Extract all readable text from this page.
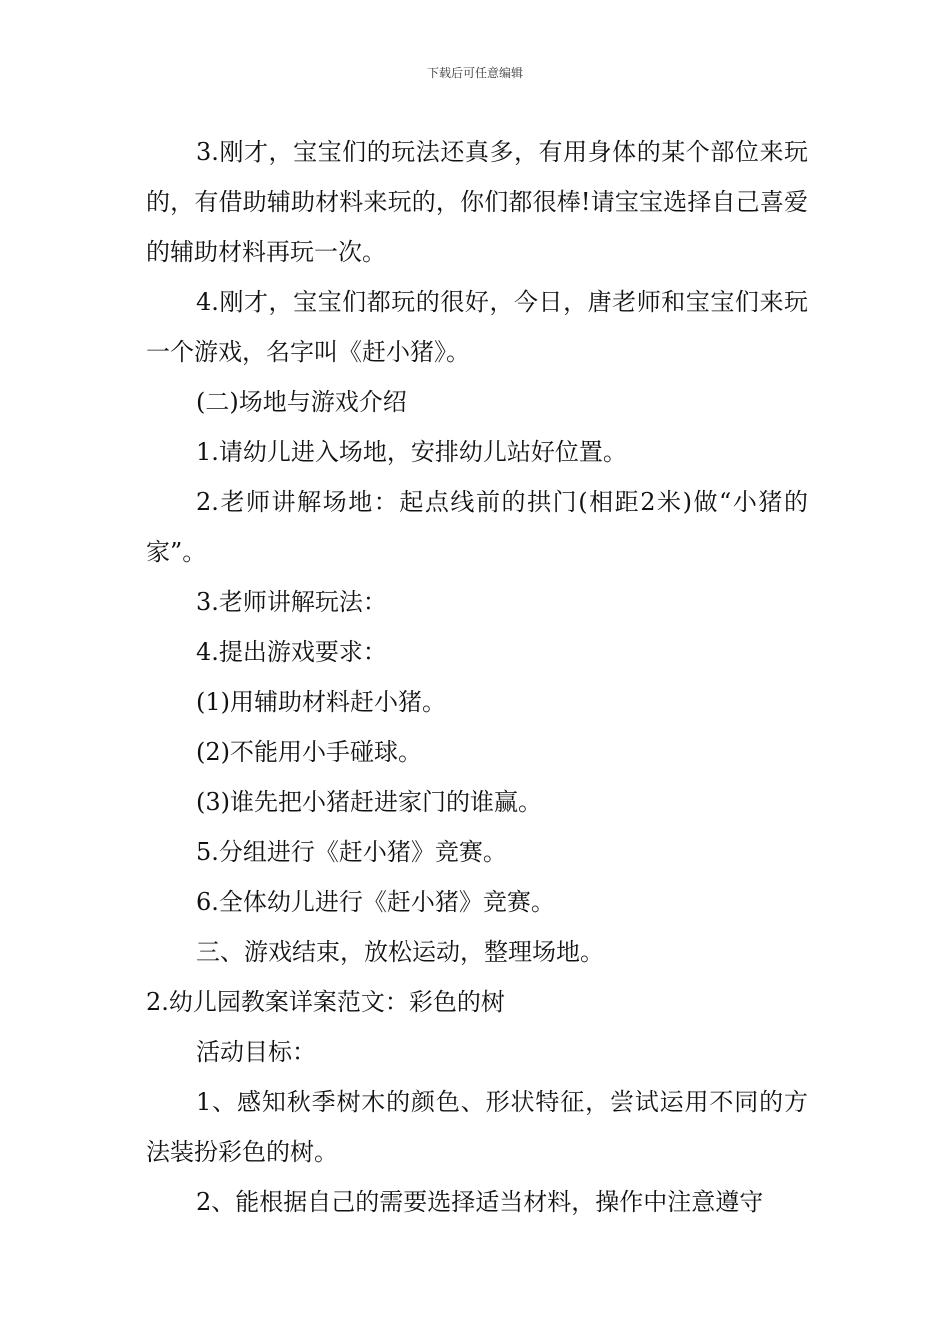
下载后可任意编辑

3.刚才，宝宝们的玩法还真多，有用身体的某个部位来玩的，有借助辅助材料来玩的，你们都很棒!请宝宝选择自己喜爱的辅助材料再玩一次。

4.刚才，宝宝们都玩的很好，今日，唐老师和宝宝们来玩一个游戏，名字叫《赶小猪》。

(二)场地与游戏介绍

1.请幼儿进入场地，安排幼儿站好位置。

2.老师讲解场地：起点线前的拱门(相距2米)做“小猪的家”。

3.老师讲解玩法：

4.提出游戏要求：

(1)用辅助材料赶小猪。

(2)不能用小手碰球。

(3)谁先把小猪赶进家门的谁赢。

5.分组进行《赶小猪》竞赛。

6.全体幼儿进行《赶小猪》竞赛。

三、游戏结束，放松运动，整理场地。

2.幼儿园教案详案范文：彩色的树

活动目标：

1、感知秋季树木的颜色、形状特征，尝试运用不同的方法装扮彩色的树。

2、能根据自己的需要选择适当材料，操作中注意遵守
